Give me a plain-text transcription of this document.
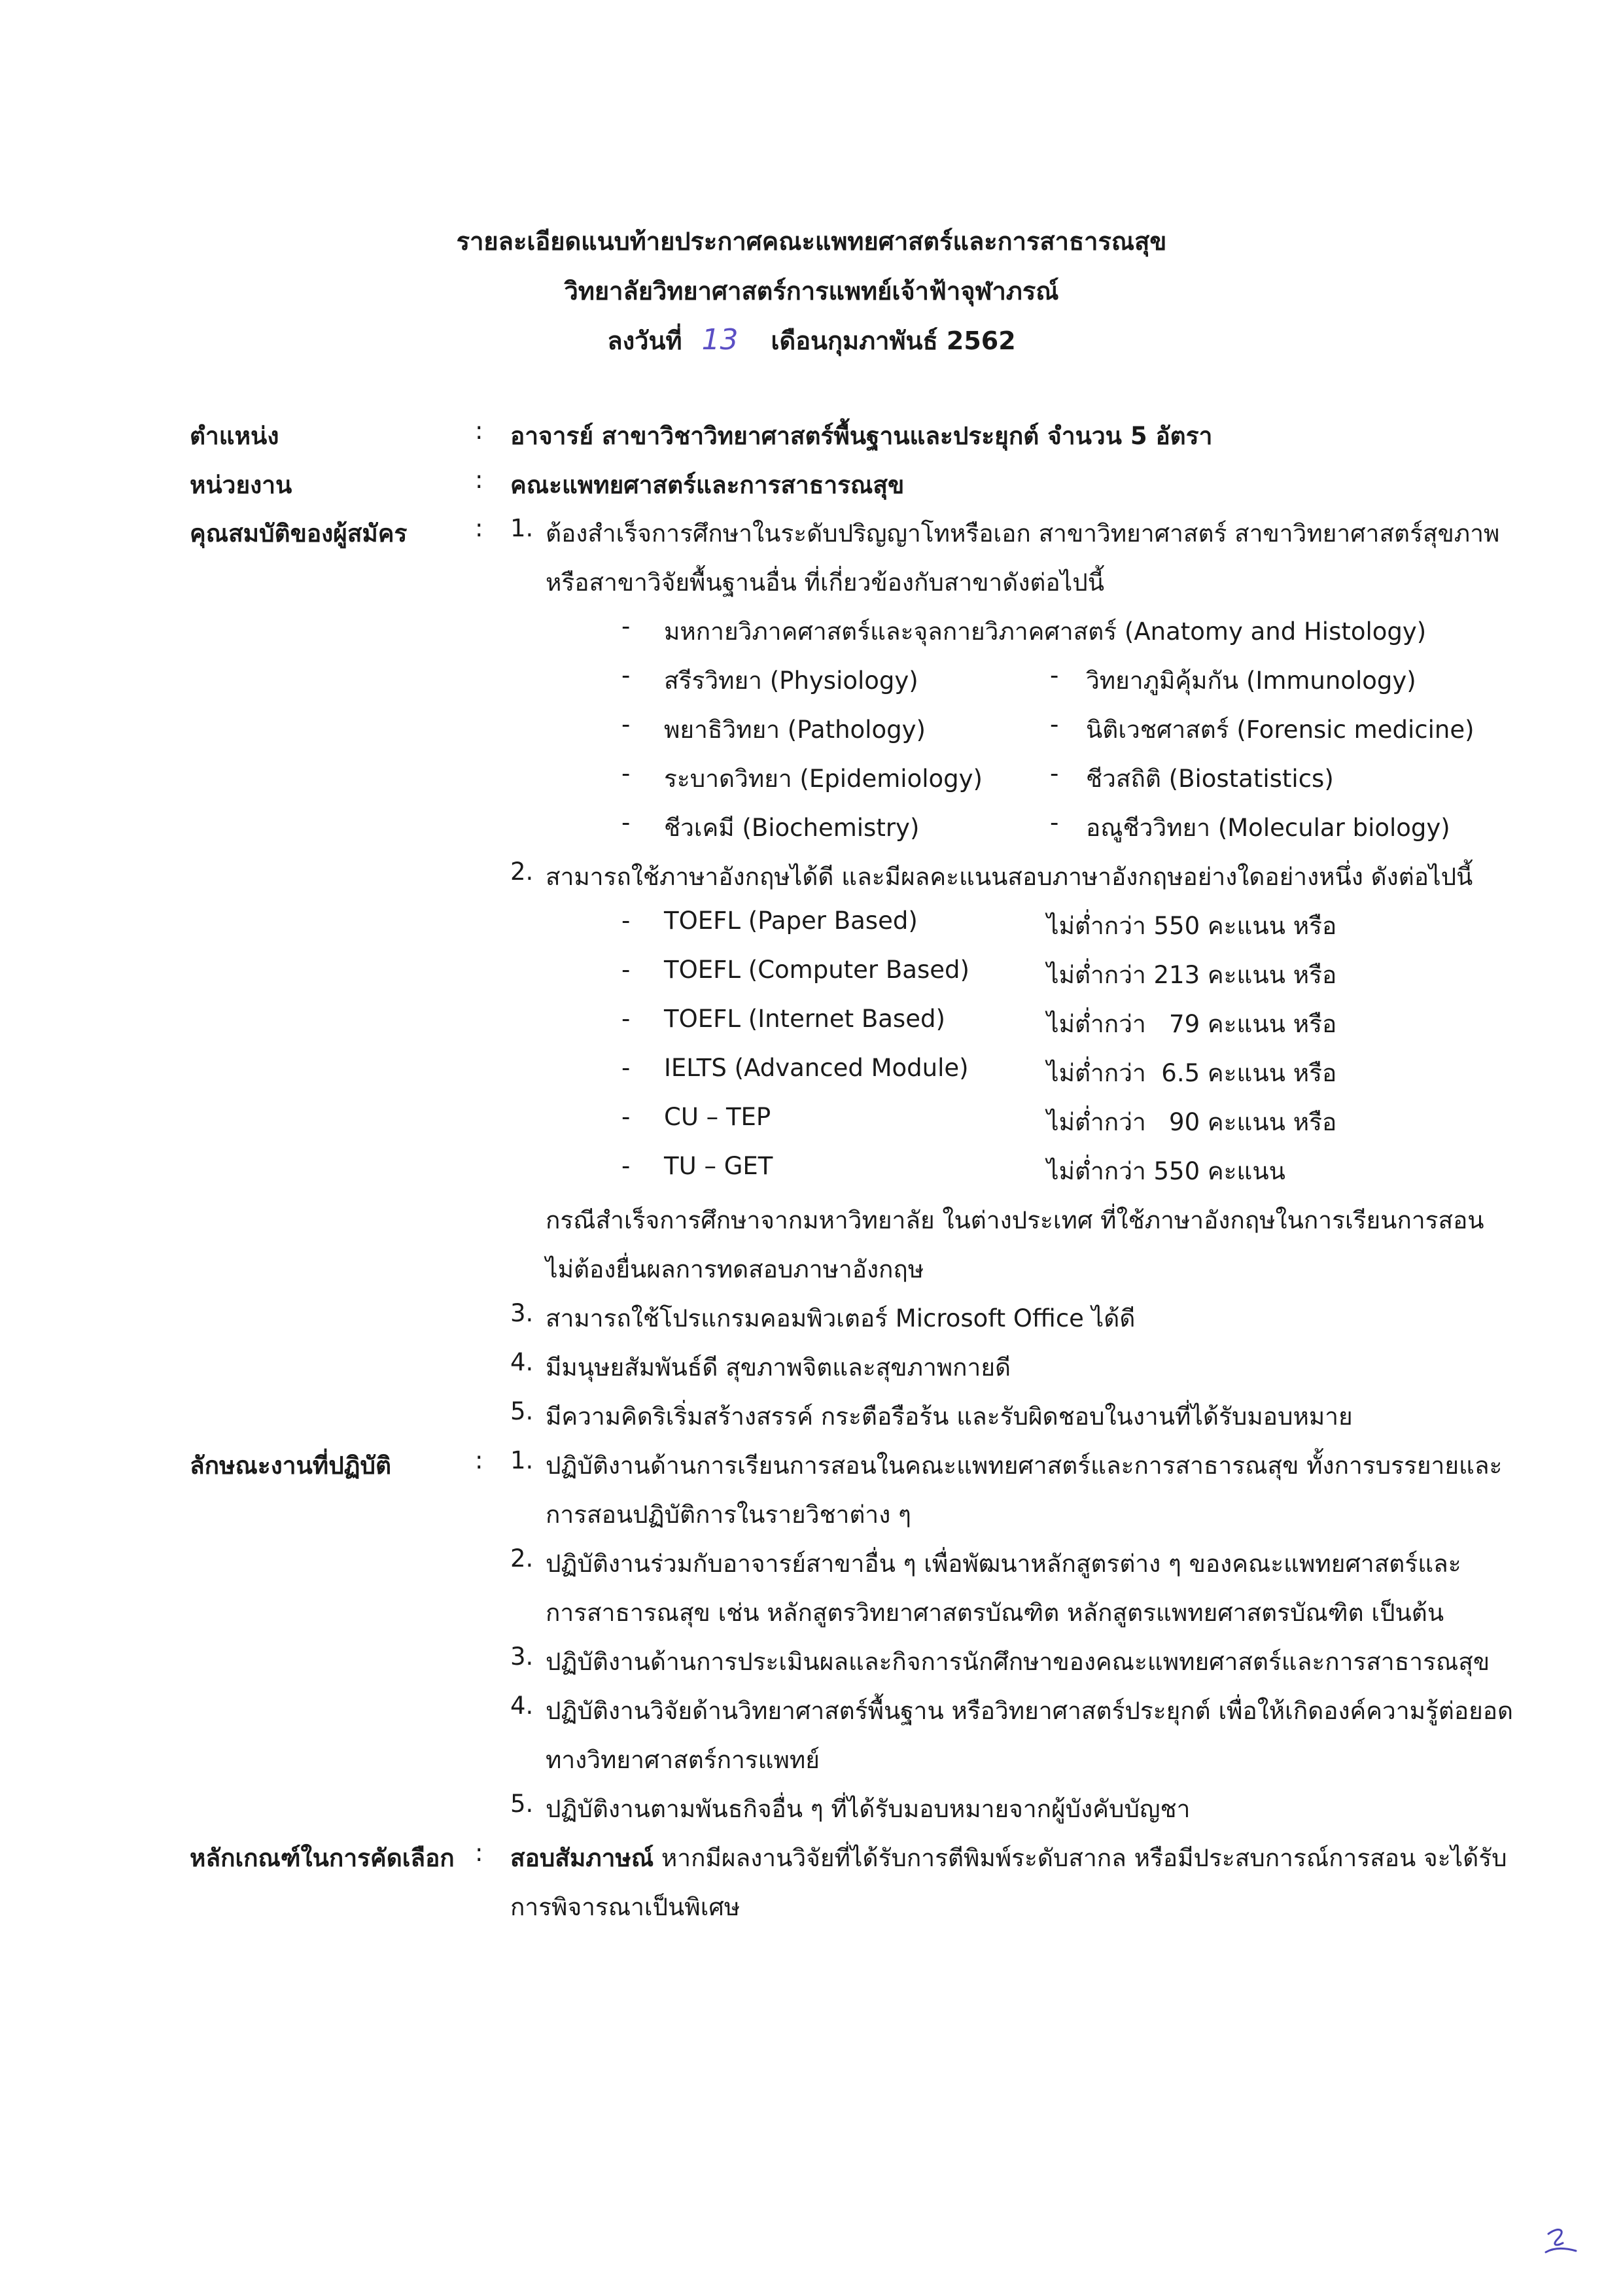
รายละเอียดแนบท้ายประกาศคณะแพทยศาสตร์และการสาธารณสุข
วิทยาลัยวิทยาศาสตร์การแพทย์เจ้าฟ้าจุฬาภรณ์
ลงวันที่ 13 เดือนกุมภาพันธ์ 2562
ตำแหน่ง	: อาจารย์ สาขาวิชาวิทยาศาสตร์พื้นฐานและประยุกต์ จำนวน 5 อัตรา
หน่วยงาน	: คณะแพทยศาสตร์และการสาธารณสุข
คุณสมบัติของผู้สมัคร	: 1. ต้องสำเร็จการศึกษาในระดับปริญญาโทหรือเอก สาขาวิทยาศาสตร์ สาขาวิทยาศาสตร์สุขภาพ
หรือสาขาวิจัยพื้นฐานอื่น ที่เกี่ยวข้องกับสาขาดังต่อไปนี้
- มหกายวิภาคศาสตร์และจุลกายวิภาคศาสตร์ (Anatomy and Histology)
- สรีรวิทยา (Physiology)	- วิทยาภูมิคุ้มกัน (Immunology)
- พยาธิวิทยา (Pathology)	- นิติเวชศาสตร์ (Forensic medicine)
- ระบาดวิทยา (Epidemiology)	- ชีวสถิติ (Biostatistics)
- ชีวเคมี (Biochemistry)	- อณูชีววิทยา (Molecular biology)
2. สามารถใช้ภาษาอังกฤษได้ดี และมีผลคะแนนสอบภาษาอังกฤษอย่างใดอย่างหนึ่ง ดังต่อไปนี้
- TOEFL (Paper Based)	ไม่ต่ำกว่า 550 คะแนน หรือ
- TOEFL (Computer Based)	ไม่ต่ำกว่า 213 คะแนน หรือ
- TOEFL (Internet Based)	ไม่ต่ำกว่า   79 คะแนน หรือ
- IELTS (Advanced Module)	ไม่ต่ำกว่า  6.5 คะแนน หรือ
- CU – TEP	ไม่ต่ำกว่า   90 คะแนน หรือ
- TU – GET	ไม่ต่ำกว่า 550 คะแนน
กรณีสำเร็จการศึกษาจากมหาวิทยาลัย ในต่างประเทศ ที่ใช้ภาษาอังกฤษในการเรียนการสอน
ไม่ต้องยื่นผลการทดสอบภาษาอังกฤษ
3. สามารถใช้โปรแกรมคอมพิวเตอร์ Microsoft Office ได้ดี
4. มีมนุษยสัมพันธ์ดี สุขภาพจิตและสุขภาพกายดี
5. มีความคิดริเริ่มสร้างสรรค์ กระตือรือร้น และรับผิดชอบในงานที่ได้รับมอบหมาย
ลักษณะงานที่ปฏิบัติ	: 1. ปฏิบัติงานด้านการเรียนการสอนในคณะแพทยศาสตร์และการสาธารณสุข ทั้งการบรรยายและ
การสอนปฏิบัติการในรายวิชาต่าง ๆ
2. ปฏิบัติงานร่วมกับอาจารย์สาขาอื่น ๆ เพื่อพัฒนาหลักสูตรต่าง ๆ ของคณะแพทยศาสตร์และ
การสาธารณสุข เช่น หลักสูตรวิทยาศาสตรบัณฑิต หลักสูตรแพทยศาสตรบัณฑิต เป็นต้น
3. ปฏิบัติงานด้านการประเมินผลและกิจการนักศึกษาของคณะแพทยศาสตร์และการสาธารณสุข
4. ปฏิบัติงานวิจัยด้านวิทยาศาสตร์พื้นฐาน หรือวิทยาศาสตร์ประยุกต์ เพื่อให้เกิดองค์ความรู้ต่อยอด
ทางวิทยาศาสตร์การแพทย์
5. ปฏิบัติงานตามพันธกิจอื่น ๆ ที่ได้รับมอบหมายจากผู้บังคับบัญชา
หลักเกณฑ์ในการคัดเลือก : สอบสัมภาษณ์ หากมีผลงานวิจัยที่ได้รับการตีพิมพ์ระดับสากล หรือมีประสบการณ์การสอน จะได้รับ
การพิจารณาเป็นพิเศษ
